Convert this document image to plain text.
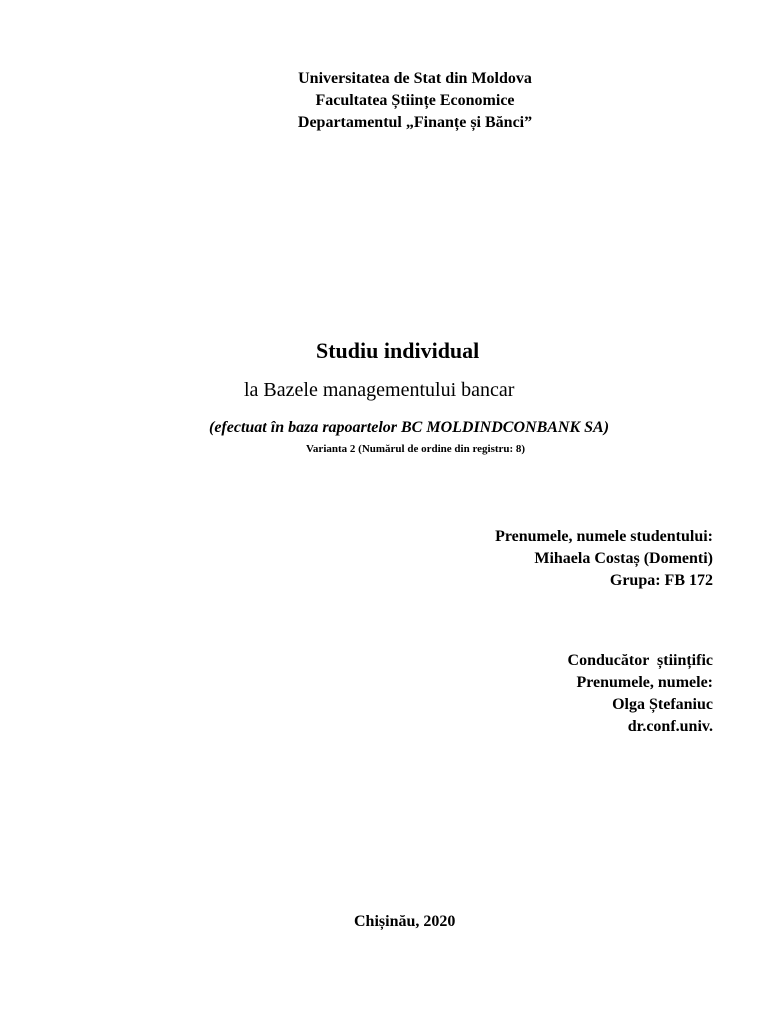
Universitatea de Stat din Moldova
Facultatea Științe Economice
Departamentul „Finanțe și Bănci”
Studiu individual
la Bazele managementului bancar
(efectuat în baza rapoartelor BC MOLDINDCONBANK SA)
Varianta 2 (Numărul de ordine din registru: 8)
Prenumele, numele studentului:
Mihaela Costaș (Domenti)
Grupa: FB 172
Conducător  științific
Prenumele, numele:
Olga Ștefaniuc
dr.conf.univ.
Chișinău, 2020
